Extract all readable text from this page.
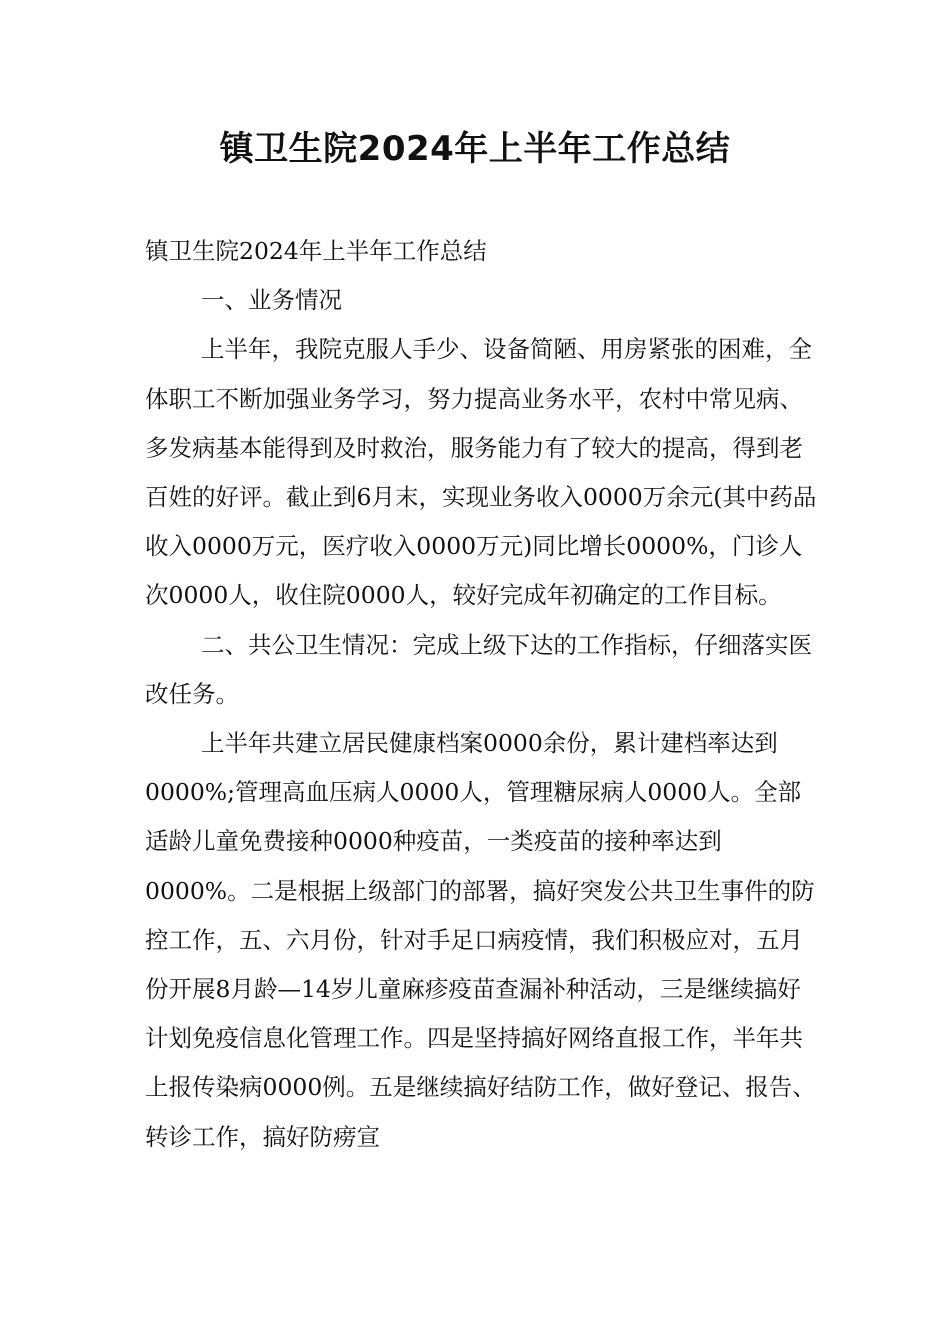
镇卫生院2024年上半年工作总结

镇卫生院2024年上半年工作总结

一、业务情况

上半年，我院克服人手少、设备简陋、用房紧张的困难，全体职工不断加强业务学习，努力提高业务水平，农村中常见病、多发病基本能得到及时救治，服务能力有了较大的提高，得到老百姓的好评。截止到6月末，实现业务收入0000万余元(其中药品收入0000万元，医疗收入0000万元)同比增长0000%，门诊人次0000人，收住院0000人，较好完成年初确定的工作目标。

二、共公卫生情况：完成上级下达的工作指标，仔细落实医改任务。

上半年共建立居民健康档案0000余份，累计建档率达到0000%;管理高血压病人0000人，管理糖尿病人0000人。全部适龄儿童免费接种0000种疫苗，一类疫苗的接种率达到0000%。二是根据上级部门的部署，搞好突发公共卫生事件的防控工作，五、六月份，针对手足口病疫情，我们积极应对，五月份开展8月龄—14岁儿童麻疹疫苗查漏补种活动，三是继续搞好计划免疫信息化管理工作。四是坚持搞好网络直报工作，半年共上报传染病0000例。五是继续搞好结防工作，做好登记、报告、转诊工作，搞好防痨宣
